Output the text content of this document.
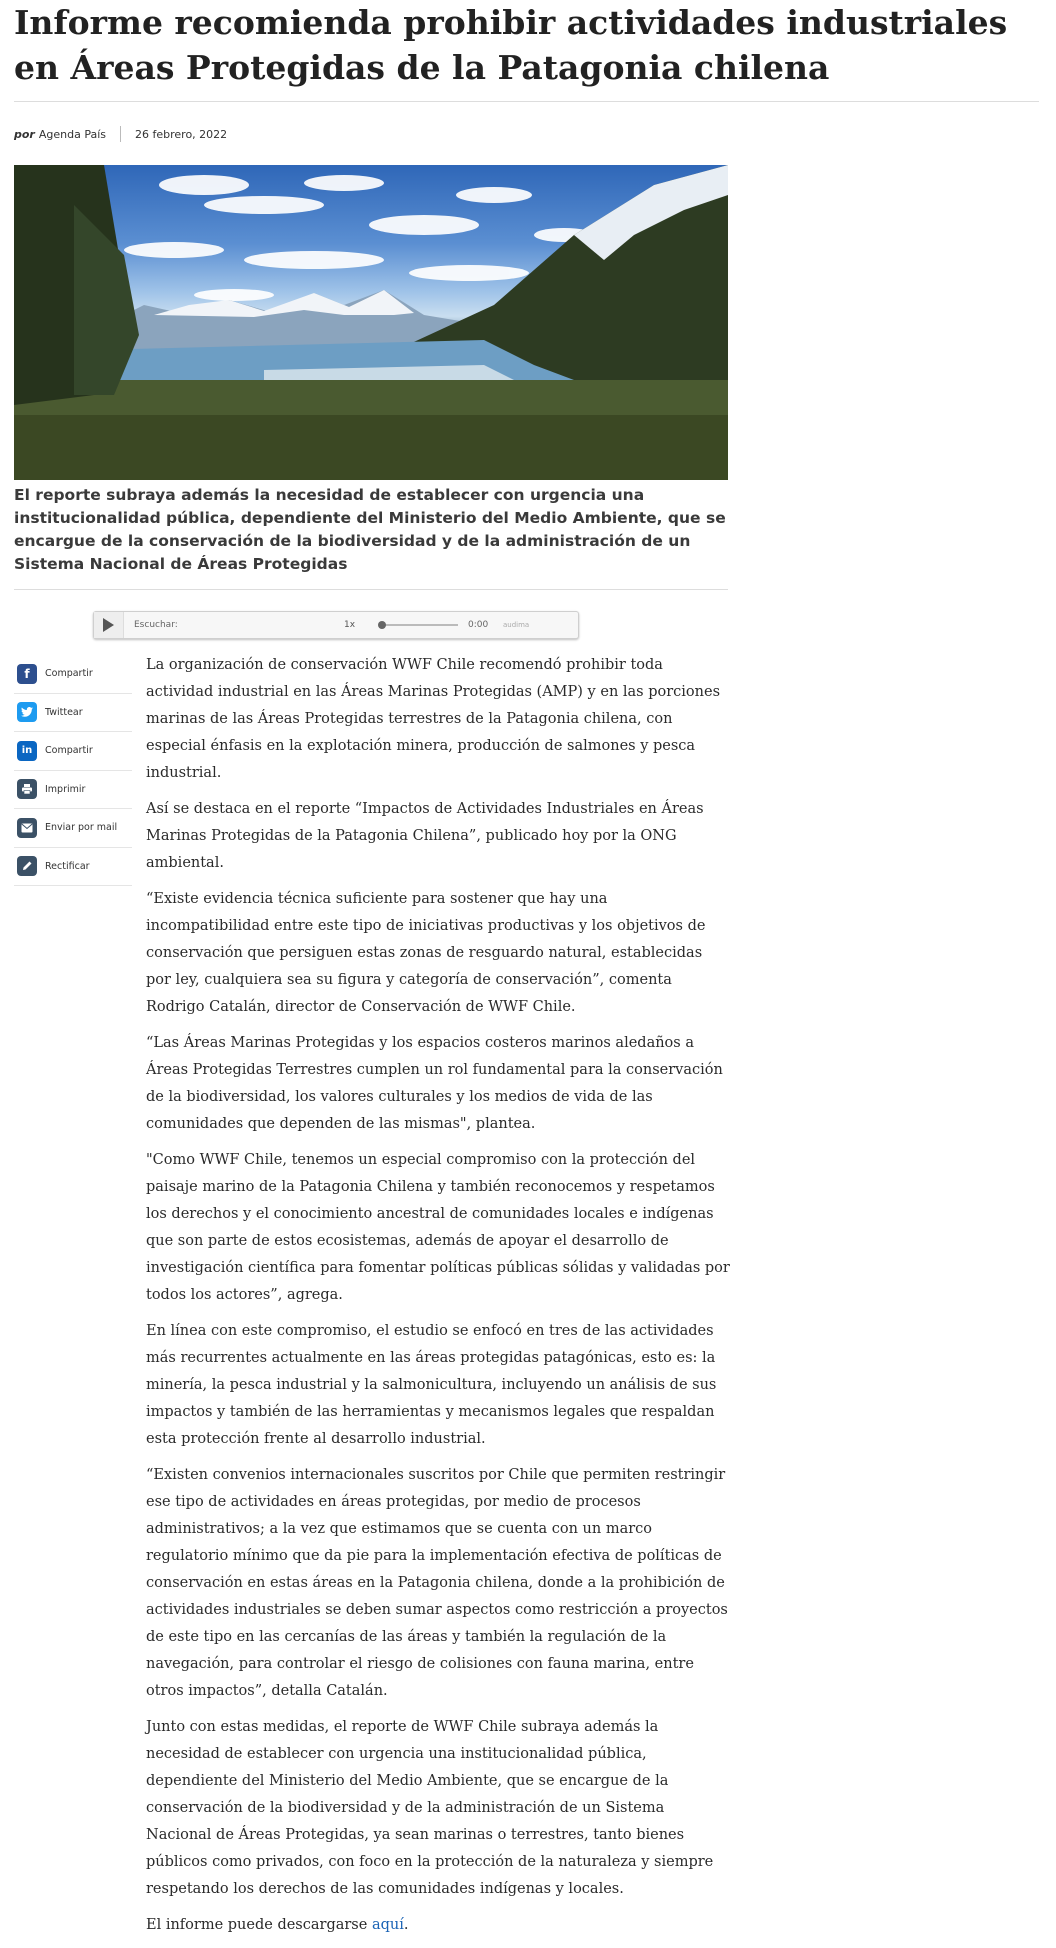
Informe recomienda prohibir actividades industriales en Áreas Protegidas de la Patagonia chilena
por Agenda País	26 febrero, 2022
El reporte subraya además la necesidad de establecer con urgencia una institucionalidad pública, dependiente del Ministerio del Medio Ambiente, que se encargue de la conservación de la biodiversidad y de la administración de un Sistema Nacional de Áreas Protegidas
Escuchar:	1x	0:00	audima
f	Compartir
Twittear
in	Compartir
Imprimir
Enviar por mail
Rectificar

La organización de conservación WWF Chile recomendó prohibir toda actividad industrial en las Áreas Marinas Protegidas (AMP) y en las porciones marinas de las Áreas Protegidas terrestres de la Patagonia chilena, con especial énfasis en la explotación minera, producción de salmones y pesca industrial.

Así se destaca en el reporte “Impactos de Actividades Industriales en Áreas Marinas Protegidas de la Patagonia Chilena”, publicado hoy por la ONG ambiental.

“Existe evidencia técnica suficiente para sostener que hay una incompatibilidad entre este tipo de iniciativas productivas y los objetivos de conservación que persiguen estas zonas de resguardo natural, establecidas por ley, cualquiera sea su figura y categoría de conservación”, comenta Rodrigo Catalán, director de Conservación de WWF Chile.

“Las Áreas Marinas Protegidas y los espacios costeros marinos aledaños a Áreas Protegidas Terrestres cumplen un rol fundamental para la conservación de la biodiversidad, los valores culturales y los medios de vida de las comunidades que dependen de las mismas", plantea.

"Como WWF Chile, tenemos un especial compromiso con la protección del paisaje marino de la Patagonia Chilena y también reconocemos y respetamos los derechos y el conocimiento ancestral de comunidades locales e indígenas que son parte de estos ecosistemas, además de apoyar el desarrollo de investigación científica para fomentar políticas públicas sólidas y validadas por todos los actores”, agrega.

En línea con este compromiso, el estudio se enfocó en tres de las actividades más recurrentes actualmente en las áreas protegidas patagónicas, esto es: la minería, la pesca industrial y la salmonicultura, incluyendo un análisis de sus impactos y también de las herramientas y mecanismos legales que respaldan esta protección frente al desarrollo industrial.

“Existen convenios internacionales suscritos por Chile que permiten restringir ese tipo de actividades en áreas protegidas, por medio de procesos administrativos; a la vez que estimamos que se cuenta con un marco regulatorio mínimo que da pie para la implementación efectiva de políticas de conservación en estas áreas en la Patagonia chilena, donde a la prohibición de actividades industriales se deben sumar aspectos como restricción a proyectos de este tipo en las cercanías de las áreas y también la regulación de la navegación, para controlar el riesgo de colisiones con fauna marina, entre otros impactos”, detalla Catalán.

Junto con estas medidas, el reporte de WWF Chile subraya además la necesidad de establecer con urgencia una institucionalidad pública, dependiente del Ministerio del Medio Ambiente, que se encargue de la conservación de la biodiversidad y de la administración de un Sistema Nacional de Áreas Protegidas, ya sean marinas o terrestres, tanto bienes públicos como privados, con foco en la protección de la naturaleza y siempre respetando los derechos de las comunidades indígenas y locales.

El informe puede descargarse aquí.
